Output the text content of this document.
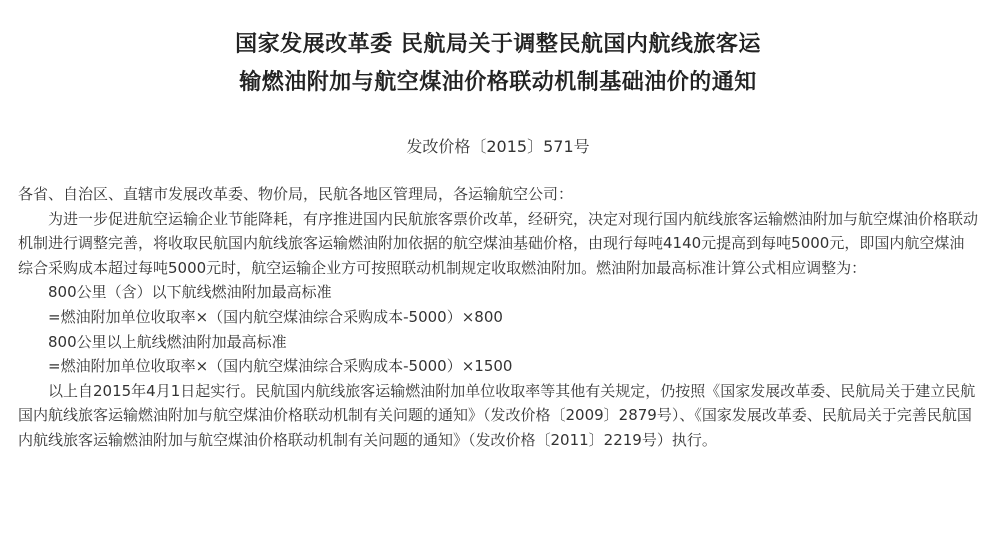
国家发展改革委 民航局关于调整民航国内航线旅客运
输燃油附加与航空煤油价格联动机制基础油价的通知
发改价格〔2015〕571号

各省、自治区、直辖市发展改革委、物价局，民航各地区管理局，各运输航空公司：

为进一步促进航空运输企业节能降耗，有序推进国内民航旅客票价改革，经研究，决定对现行国内航线旅客运输燃油附加与航空煤油价格联动机制进行调整完善，将收取民航国内航线旅客运输燃油附加依据的航空煤油基础价格，由现行每吨4140元提高到每吨5000元，即国内航空煤油综合采购成本超过每吨5000元时，航空运输企业方可按照联动机制规定收取燃油附加。燃油附加最高标准计算公式相应调整为：

800公里（含）以下航线燃油附加最高标准

=燃油附加单位收取率×（国内航空煤油综合采购成本-5000）×800

800公里以上航线燃油附加最高标准

=燃油附加单位收取率×（国内航空煤油综合采购成本-5000）×1500

以上自2015年4月1日起实行。民航国内航线旅客运输燃油附加单位收取率等其他有关规定，仍按照《国家发展改革委、民航局关于建立民航国内航线旅客运输燃油附加与航空煤油价格联动机制有关问题的通知》（发改价格〔2009〕2879号）、《国家发展改革委、民航局关于完善民航国内航线旅客运输燃油附加与航空煤油价格联动机制有关问题的通知》（发改价格〔2011〕2219号）执行。
